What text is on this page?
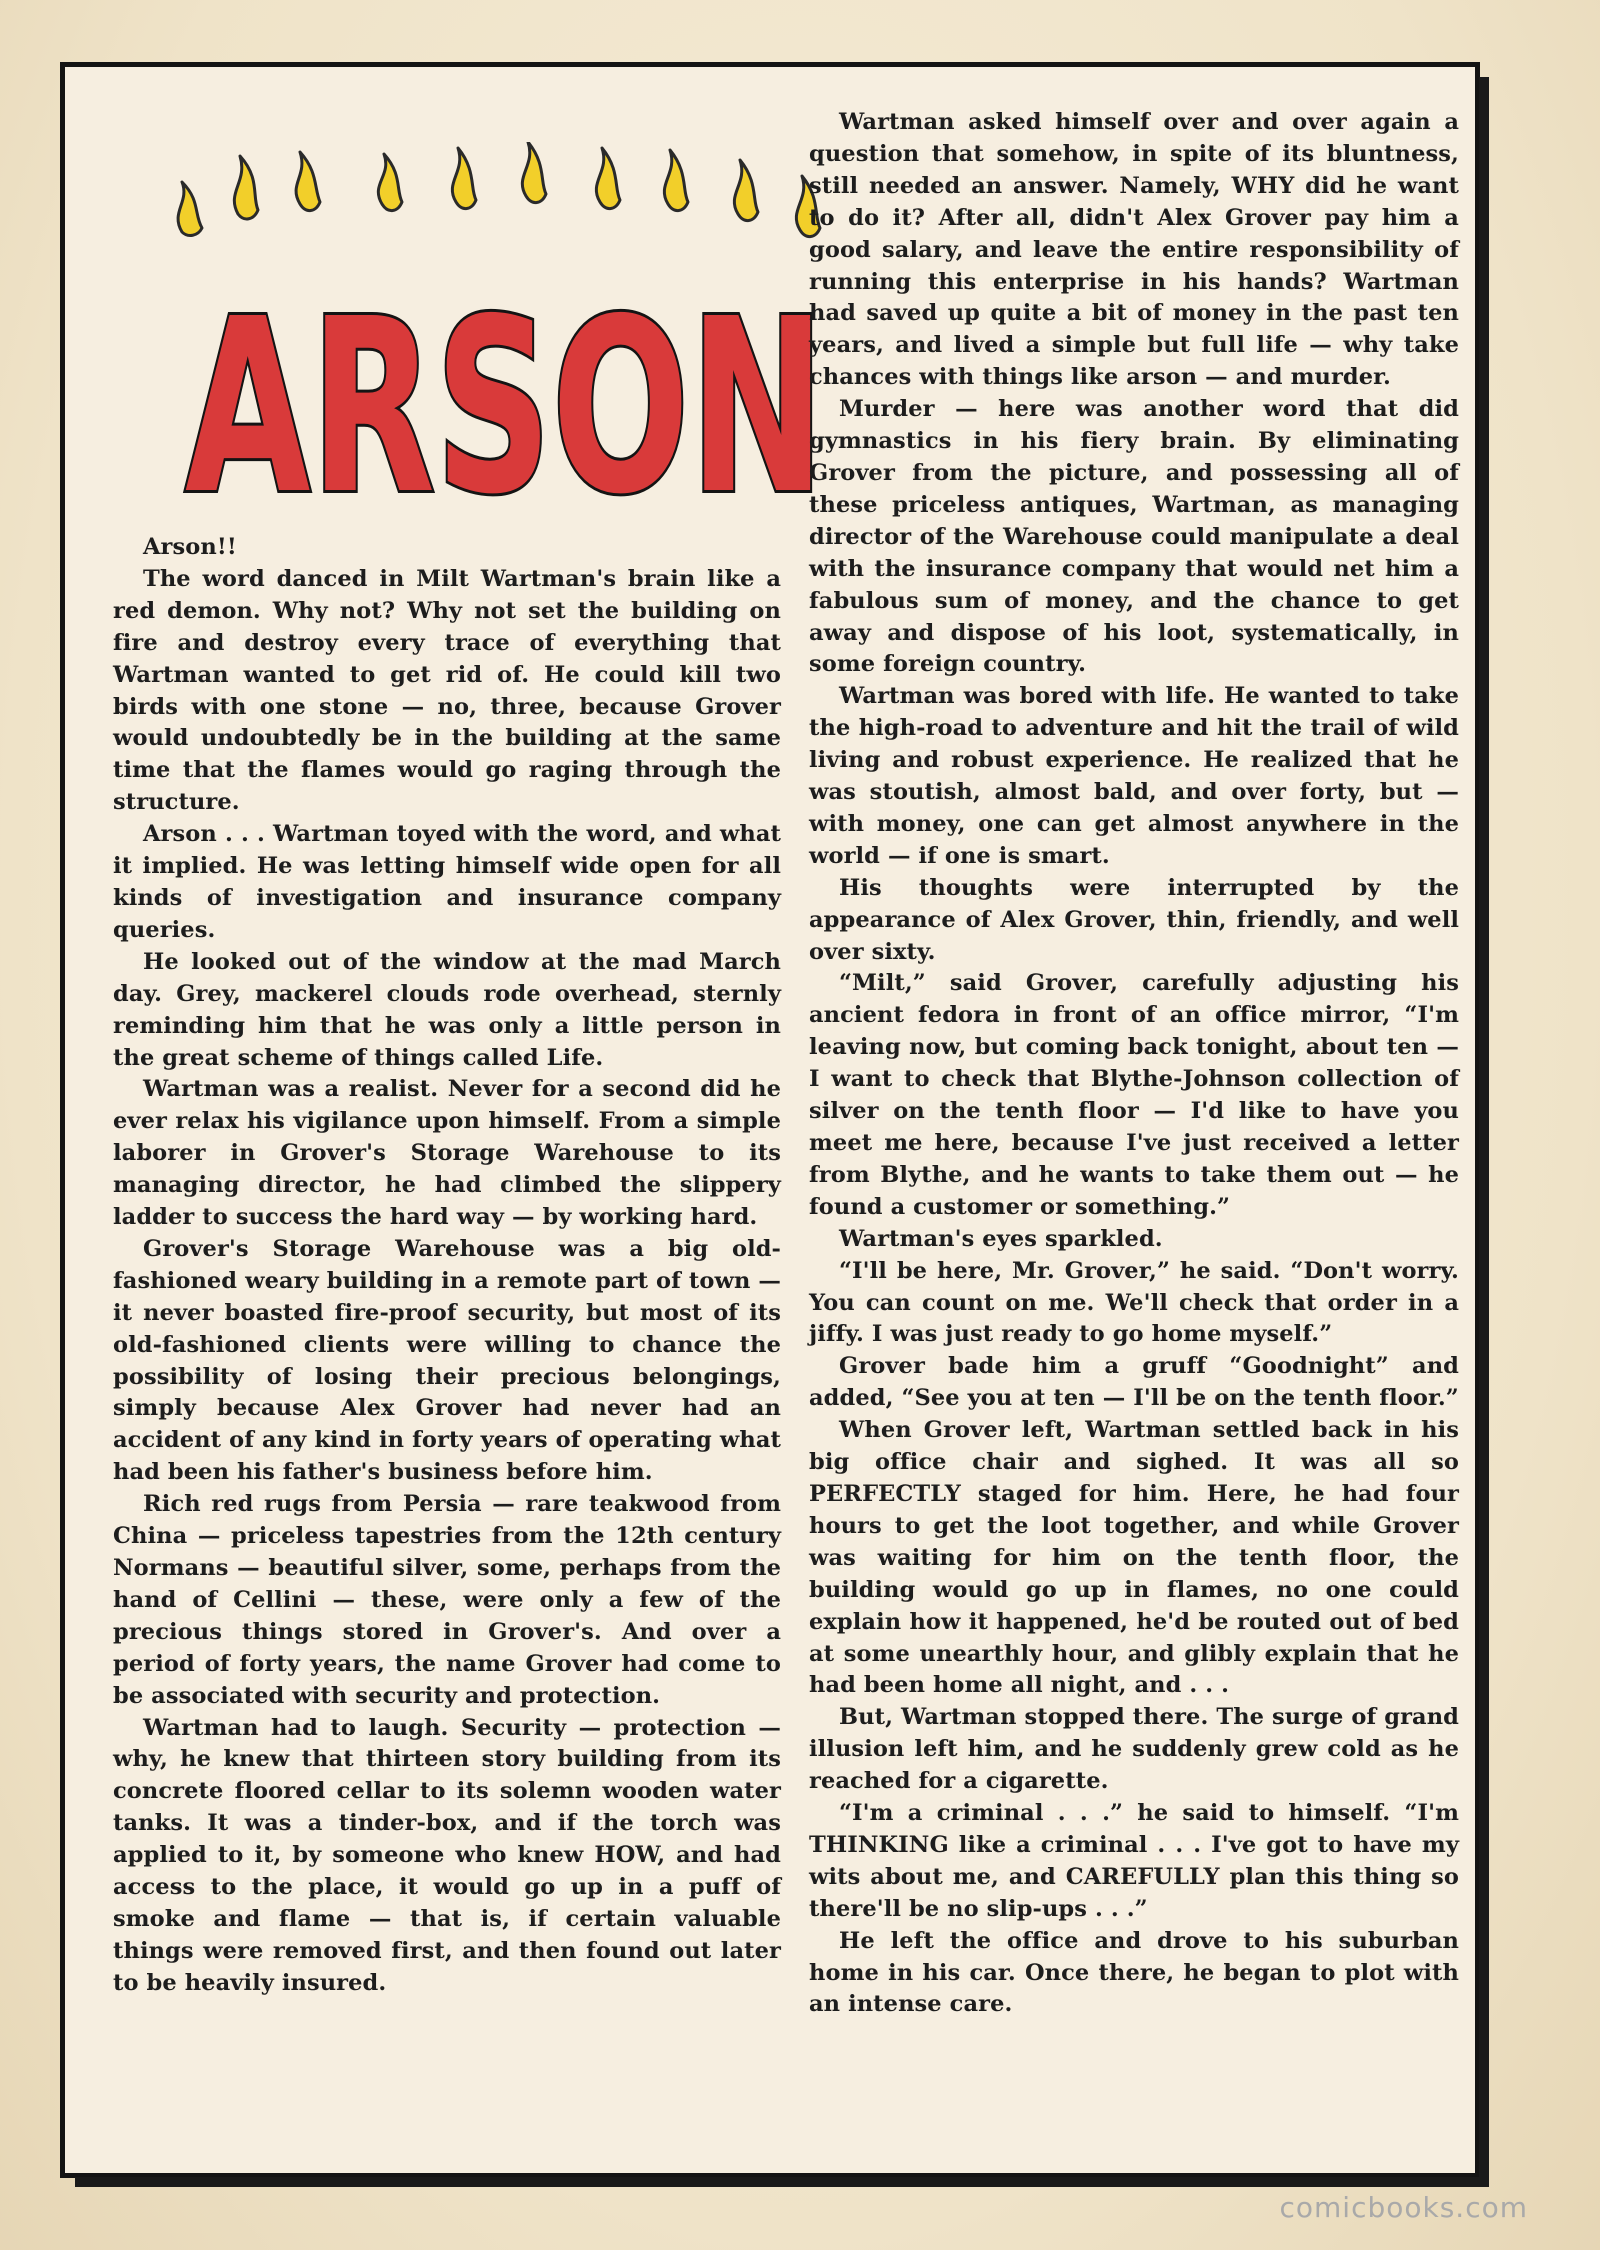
ARSON

Arson!!

The word danced in Milt Wartman's brain like a red demon. Why not? Why not set the building on fire and destroy every trace of everything that Wartman wanted to get rid of. He could kill two birds with one stone — no, three, because Grover would undoubtedly be in the building at the same time that the flames would go raging through the structure.

Arson . . . Wartman toyed with the word, and what it implied. He was letting himself wide open for all kinds of investigation and insurance company queries.

He looked out of the window at the mad March day. Grey, mackerel clouds rode overhead, sternly reminding him that he was only a little person in the great scheme of things called Life.

Wartman was a realist. Never for a second did he ever relax his vigilance upon himself. From a simple laborer in Grover's Storage Warehouse to its managing director, he had climbed the slippery ladder to success the hard way — by working hard.

Grover's Storage Warehouse was a big old-fashioned weary building in a remote part of town — it never boasted fire-proof security, but most of its old-fashioned clients were willing to chance the possibility of losing their precious belongings, simply because Alex Grover had never had an accident of any kind in forty years of operating what had been his father's business before him.

Rich red rugs from Persia — rare teakwood from China — priceless tapestries from the 12th century Normans — beautiful silver, some, perhaps from the hand of Cellini — these, were only a few of the precious things stored in Grover's. And over a period of forty years, the name Grover had come to be associated with security and protection.

Wartman had to laugh. Security — protection — why, he knew that thirteen story building from its concrete floored cellar to its solemn wooden water tanks. It was a tinder-box, and if the torch was applied to it, by someone who knew HOW, and had access to the place, it would go up in a puff of smoke and flame — that is, if certain valuable things were removed first, and then found out later to be heavily insured.

Wartman asked himself over and over again a question that somehow, in spite of its bluntness, still needed an answer. Namely, WHY did he want to do it? After all, didn't Alex Grover pay him a good salary, and leave the entire responsibility of running this enterprise in his hands? Wartman had saved up quite a bit of money in the past ten years, and lived a simple but full life — why take chances with things like arson — and murder.

Murder — here was another word that did gymnastics in his fiery brain. By eliminating Grover from the picture, and possessing all of these priceless antiques, Wartman, as managing director of the Warehouse could manipulate a deal with the insurance company that would net him a fabulous sum of money, and the chance to get away and dispose of his loot, systematically, in some foreign country.

Wartman was bored with life. He wanted to take the high-road to adventure and hit the trail of wild living and robust experience. He realized that he was stoutish, almost bald, and over forty, but — with money, one can get almost anywhere in the world — if one is smart.

His thoughts were interrupted by the appearance of Alex Grover, thin, friendly, and well over sixty.

“Milt,” said Grover, carefully adjusting his ancient fedora in front of an office mirror, “I'm leaving now, but coming back tonight, about ten — I want to check that Blythe-Johnson collection of silver on the tenth floor — I'd like to have you meet me here, because I've just received a letter from Blythe, and he wants to take them out — he found a customer or something.”

Wartman's eyes sparkled.

“I'll be here, Mr. Grover,” he said. “Don't worry. You can count on me. We'll check that order in a jiffy. I was just ready to go home myself.”

Grover bade him a gruff “Goodnight” and added, “See you at ten — I'll be on the tenth floor.”

When Grover left, Wartman settled back in his big office chair and sighed. It was all so PERFECTLY staged for him. Here, he had four hours to get the loot together, and while Grover was waiting for him on the tenth floor, the building would go up in flames, no one could explain how it happened, he'd be routed out of bed at some unearthly hour, and glibly explain that he had been home all night, and . . .

But, Wartman stopped there. The surge of grand illusion left him, and he suddenly grew cold as he reached for a cigarette.

“I'm a criminal . . .” he said to himself. “I'm THINKING like a criminal . . . I've got to have my wits about me, and CAREFULLY plan this thing so there'll be no slip-ups . . .”

He left the office and drove to his suburban home in his car. Once there, he began to plot with an intense care.

comicbooks.com
